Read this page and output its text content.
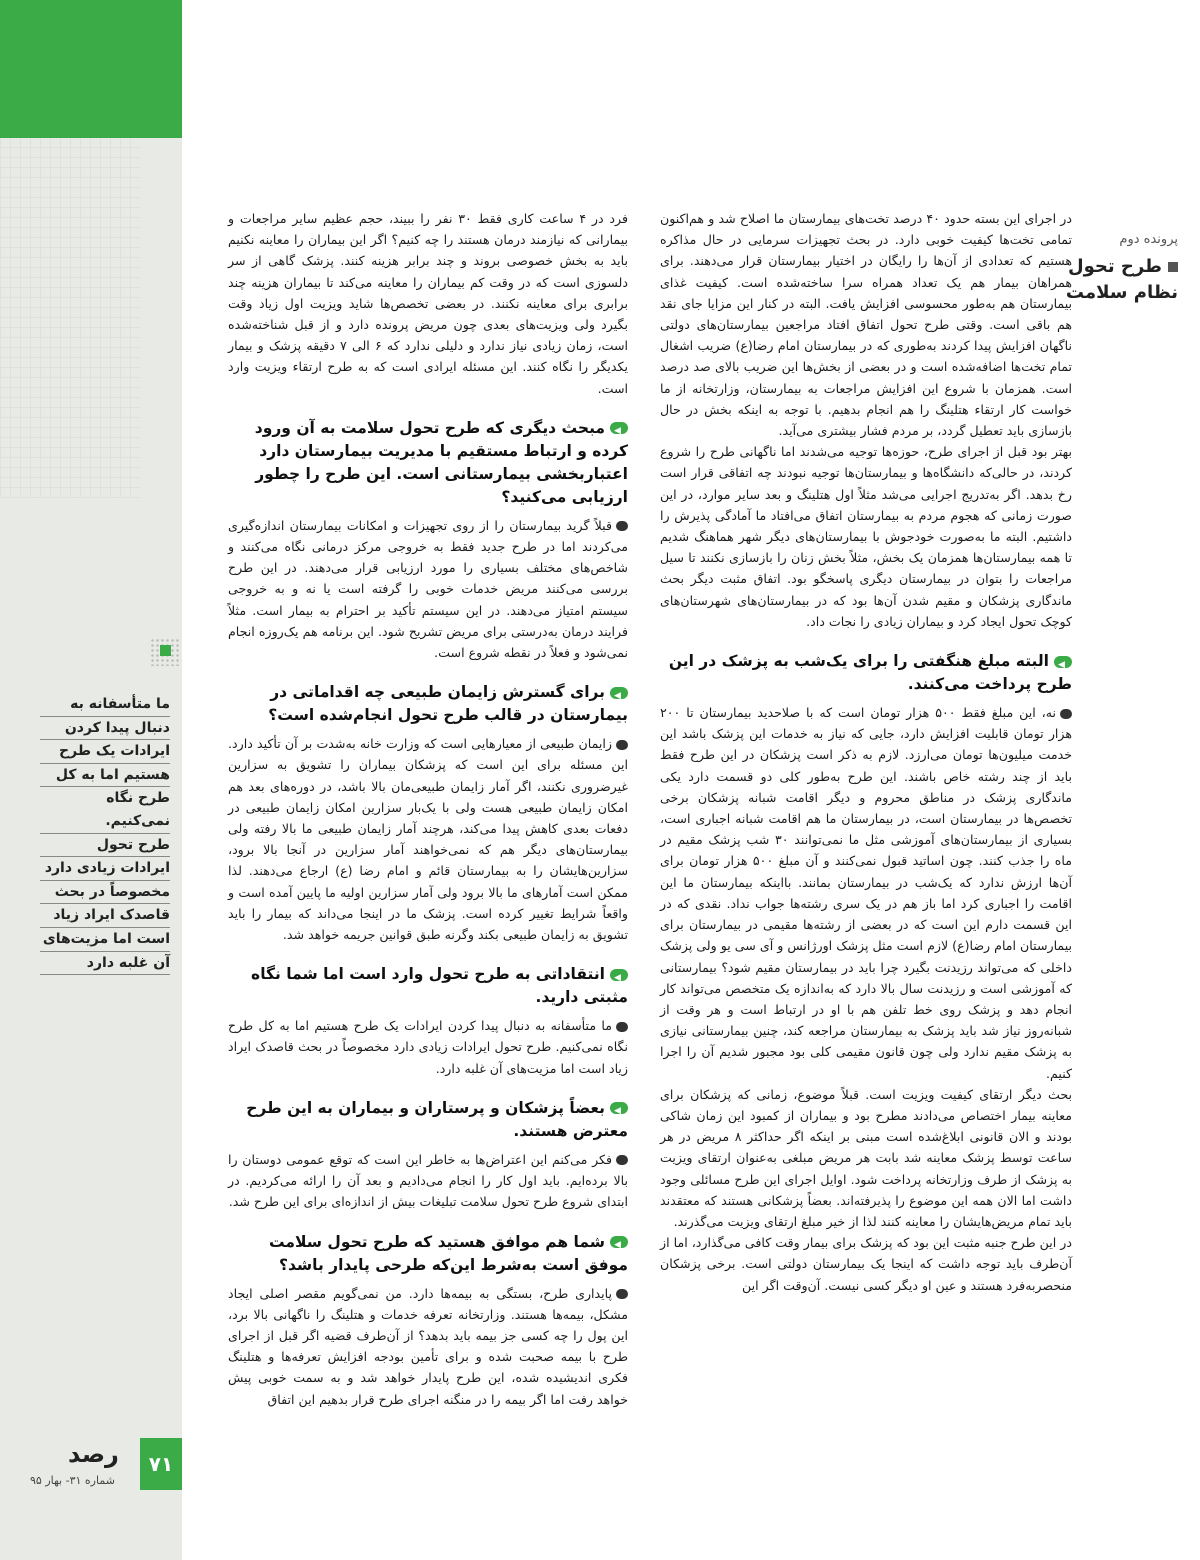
پرونده دوم
طرح تحول نظام سلامت
ما متأسفانه به
دنبال پیدا کردن
ایرادات یک طرح
هستیم اما به کل
طرح نگاه نمی‌کنیم.
طرح تحول
ایرادات زیادی دارد
مخصوصاً در بحث
قاصدک ایراد زیاد
است اما مزیت‌های
آن غلبه دارد
۷۱
رصد
شماره ۳۱- بهار ۹۵

در اجرای این بسته حدود ۴۰ درصد تخت‌های بیمارستان ما اصلاح شد و هم‌اکنون تمامی تخت‌ها کیفیت خوبی دارد. در بحث تجهیزات سرمایی در حال مذاکره هستیم که تعدادی از آن‌ها را رایگان در اختیار بیمارستان قرار می‌دهند. برای همراهان بیمار هم یک تعداد همراه سرا ساخته‌شده است. کیفیت غذای بیمارستان هم به‌طور محسوسی افزایش یافت. البته در کنار این مزایا جای نقد هم باقی است. وقتی طرح تحول اتفاق افتاد مراجعین بیمارستان‌های دولتی ناگهان افزایش پیدا کردند به‌طوری که در بیمارستان امام رضا(ع) ضریب اشغال تمام تخت‌ها اضافه‌شده است و در بعضی از بخش‌ها این ضریب بالای صد درصد است. همزمان با شروع این افزایش مراجعات به بیمارستان، وزارتخانه از ما خواست کار ارتقاء هتلینگ را هم انجام بدهیم. با توجه به اینکه بخش در حال بازسازی باید تعطیل گردد، بر مردم فشار بیشتری می‌آید.

بهتر بود قبل از اجرای طرح، حوزه‌ها توجیه می‌شدند اما ناگهانی طرح را شروع کردند، در حالی‌که دانشگاه‌ها و بیمارستان‌ها توجیه نبودند چه اتفاقی قرار است رخ بدهد. اگر به‌تدریج اجرایی می‌شد مثلاً اول هتلینگ و بعد سایر موارد، در این صورت زمانی که هجوم مردم به بیمارستان اتفاق می‌افتاد ما آمادگی پذیرش را داشتیم. البته ما به‌صورت خودجوش با بیمارستان‌های دیگر شهر هماهنگ شدیم تا همه بیمارستان‌ها همزمان یک بخش، مثلاً بخش زنان را بازسازی نکنند تا سیل مراجعات را بتوان در بیمارستان دیگری پاسخگو بود. اتفاق مثبت دیگر بحث ماندگاری پزشکان و مقیم شدن آن‌ها بود که در بیمارستان‌های شهرستان‌های کوچک تحول ایجاد کرد و بیماران زیادی را نجات داد.

◀البته مبلغ هنگفتی را برای یک‌شب به پزشک در این طرح پرداخت می‌کنند.

نه، این مبلغ فقط ۵۰۰ هزار تومان است که با صلاحدید بیمارستان تا ۲۰۰ هزار تومان قابلیت افزایش دارد، جایی که نیاز به خدمات این پزشک باشد این خدمت میلیون‌ها تومان می‌ارزد. لازم به ذکر است پزشکان در این طرح فقط باید از چند رشته خاص باشند. این طرح به‌طور کلی دو قسمت دارد یکی ماندگاری پزشک در مناطق محروم و دیگر اقامت شبانه پزشکان برخی تخصص‌ها در بیمارستان است، در بیمارستان ما هم اقامت شبانه اجباری است، بسیاری از بیمارستان‌های آموزشی مثل ما نمی‌توانند ۳۰ شب پزشک مقیم در ماه را جذب کنند. چون اساتید قبول نمی‌کنند و آن مبلغ ۵۰۰ هزار تومان برای آن‌ها ارزش ندارد که یک‌شب در بیمارستان بمانند. بااینکه بیمارستان ما این اقامت را اجباری کرد اما باز هم در یک سری رشته‌ها جواب نداد. نقدی که در این قسمت دارم این است که در بعضی از رشته‌ها مقیمی در بیمارستان برای بیمارستان امام رضا(ع) لازم است مثل پزشک اورژانس و آی سی یو ولی پزشک داخلی که می‌تواند رزیدنت بگیرد چرا باید در بیمارستان مقیم شود؟ بیمارستانی که آموزشی است و رزیدنت سال بالا دارد که به‌اندازه یک متخصص می‌تواند کار انجام دهد و پزشک روی خط تلفن هم با او در ارتباط است و هر وقت از شبانه‌روز نیاز شد باید پزشک به بیمارستان مراجعه کند، چنین بیمارستانی نیازی به پزشک مقیم ندارد ولی چون قانون مقیمی کلی بود مجبور شدیم آن را اجرا کنیم.

بحث دیگر ارتقای کیفیت ویزیت است. قبلاً موضوع، زمانی که پزشکان برای معاینه بیمار اختصاص می‌دادند مطرح بود و بیماران از کمبود این زمان شاکی بودند و الان قانونی ابلاغ‌شده است مبنی بر اینکه اگر حداکثر ۸ مریض در هر ساعت توسط پزشک معاینه شد بابت هر مریض مبلغی به‌عنوان ارتقای ویزیت به پزشک از طرف وزارتخانه پرداخت شود. اوایل اجرای این طرح مسائلی وجود داشت اما الان همه این موضوع را پذیرفته‌اند. بعضاً پزشکانی هستند که معتقدند باید تمام مریض‌هایشان را معاینه کنند لذا از خیر مبلغ ارتقای ویزیت می‌گذرند.

در این طرح جنبه مثبت این بود که پزشک برای بیمار وقت کافی می‌گذارد، اما از آن‌طرف باید توجه داشت که اینجا یک بیمارستان دولتی است. برخی پزشکان منحصربه‌فرد هستند و عین او دیگر کسی نیست. آن‌وقت اگر این

فرد در ۴ ساعت کاری فقط ۳۰ نفر را ببیند، حجم عظیم سایر مراجعات و بیمارانی که نیازمند درمان هستند را چه کنیم؟ اگر این بیماران را معاینه نکنیم باید به بخش خصوصی بروند و چند برابر هزینه کنند. پزشک گاهی از سر دلسوزی است که در وقت کم بیماران را معاینه می‌کند تا بیماران هزینه چند برابری برای معاینه نکنند. در بعضی تخصص‌ها شاید ویزیت اول زیاد وقت بگیرد ولی ویزیت‌های بعدی چون مریض پرونده دارد و از قبل شناخته‌شده است، زمان زیادی نیاز ندارد و دلیلی ندارد که ۶ الی ۷ دقیقه پزشک و بیمار یکدیگر را نگاه کنند. این مسئله ایرادی است که به طرح ارتقاء ویزیت وارد است.

◀مبحث دیگری که طرح تحول سلامت به آن ورود کرده و ارتباط مستقیم با مدیریت بیمارستان دارد اعتباربخشی بیمارستانی است. این طرح را چطور ارزیابی می‌کنید؟

قبلاً گرید بیمارستان را از روی تجهیزات و امکانات بیمارستان اندازه‌گیری می‌کردند اما در طرح جدید فقط به خروجی مرکز درمانی نگاه می‌کنند و شاخص‌های مختلف بسیاری را مورد ارزیابی قرار می‌دهند. در این طرح بررسی می‌کنند مریض خدمات خوبی را گرفته است یا نه و به خروجی سیستم امتیاز می‌دهند. در این سیستم تأکید بر احترام به بیمار است. مثلاً فرایند درمان به‌درستی برای مریض تشریح شود. این برنامه هم یک‌روزه انجام نمی‌شود و فعلاً در نقطه شروع است.

◀برای گسترش زایمان طبیعی چه اقداماتی در بیمارستان در قالب طرح تحول انجام‌شده است؟

زایمان طبیعی از معیارهایی است که وزارت خانه به‌شدت بر آن تأکید دارد. این مسئله برای این است که پزشکان بیماران را تشویق به سزارین غیرضروری نکنند، اگر آمار زایمان طبیعی‌مان بالا باشد، در دوره‌های بعد هم امکان زایمان طبیعی هست ولی با یک‌بار سزارین امکان زایمان طبیعی در دفعات بعدی کاهش پیدا می‌کند، هرچند آمار زایمان طبیعی ما بالا رفته ولی بیمارستان‌های دیگر هم که نمی‌خواهند آمار سزارین در آنجا بالا برود، سزارین‌هایشان را به بیمارستان قائم و امام رضا (ع) ارجاع می‌دهند. لذا ممکن است آمارهای ما بالا برود ولی آمار سزارین اولیه ما پایین آمده است و واقعاً شرایط تغییر کرده است. پزشک ما در اینجا می‌داند که بیمار را باید تشویق به زایمان طبیعی بکند وگرنه طبق قوانین جریمه خواهد شد.

◀انتقاداتی به طرح تحول وارد است اما شما نگاه مثبتی دارید.

ما متأسفانه به دنبال پیدا کردن ایرادات یک طرح هستیم اما به کل طرح نگاه نمی‌کنیم. طرح تحول ایرادات زیادی دارد مخصوصاً در بحث قاصدک ایراد زیاد است اما مزیت‌های آن غلبه دارد.

◀بعضاً پزشکان و پرستاران و بیماران به این طرح معترض هستند.

فکر می‌کنم این اعتراض‌ها به خاطر این است که توقع عمومی دوستان را بالا برده‌ایم. باید اول کار را انجام می‌دادیم و بعد آن را ارائه می‌کردیم. در ابتدای شروع طرح تحول سلامت تبلیغات بیش از اندازه‌ای برای این طرح شد.

◀شما هم موافق هستید که طرح تحول سلامت موفق است به‌شرط این‌که طرحی پایدار باشد؟

پایداری طرح، بستگی به بیمه‌ها دارد. من نمی‌گویم مقصر اصلی ایجاد مشکل، بیمه‌ها هستند. وزارتخانه تعرفه خدمات و هتلینگ را ناگهانی بالا برد، این پول را چه کسی جز بیمه باید بدهد؟ از آن‌طرف قضیه اگر قبل از اجرای طرح با بیمه صحبت شده و برای تأمین بودجه افزایش تعرفه‌ها و هتلینگ فکری اندیشیده شده، این طرح پایدار خواهد شد و به سمت خوبی پیش خواهد رفت اما اگر بیمه را در منگنه اجرای طرح قرار بدهیم این اتفاق
